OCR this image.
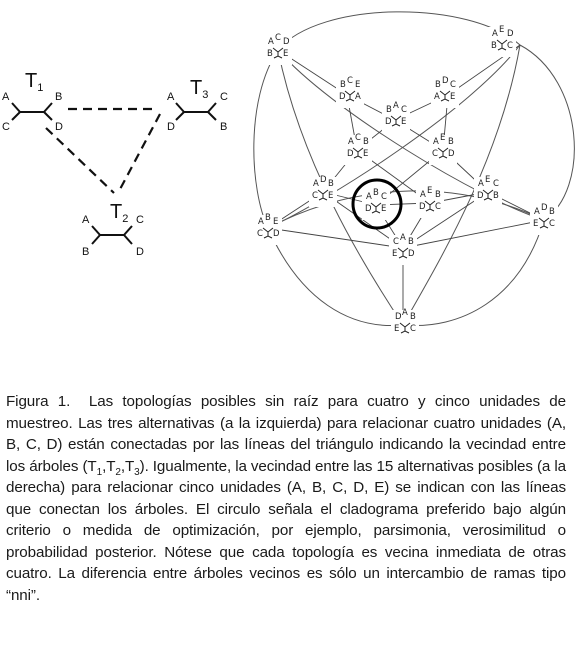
$T_1$
A
C
B
D
$T_3$
A
D
C
B
$T_2$
A
B
C
D
A C D
B E
A E D
B C
B C E
D A
B D C
A E
B A C
D E
A C B
D E
A E B
C D
A D B
C E	A B C
D E
A E B
D C
A E C
D B
A B E
C D
A D B
E C
C A B
E D
D A B
E C

Figura 1. Las topologías posibles sin raíz para cuatro y cinco unidades de muestreo. Las tres alternativas (a la izquierda) para relacionar cuatro unidades (A, B, C, D) están conectadas por las líneas del triángulo indicando la vecindad entre los árboles $(T_1,T_2,T_3)$. Igualmente, la vecindad entre las 15 alternativas posibles (a la derecha) para relacionar cinco unidades (A, B, C, D, E) se indican con las líneas que conectan los árboles. El circulo señala el cladograma preferido bajo algún criterio o medida de optimización, por ejemplo, parsimonia, verosimilitud o probabilidad posterior. Nótese que cada topología es vecina inmediata de otras cuatro. La diferencia entre árboles vecinos es sólo un intercambio de ramas tipo “nni”.
